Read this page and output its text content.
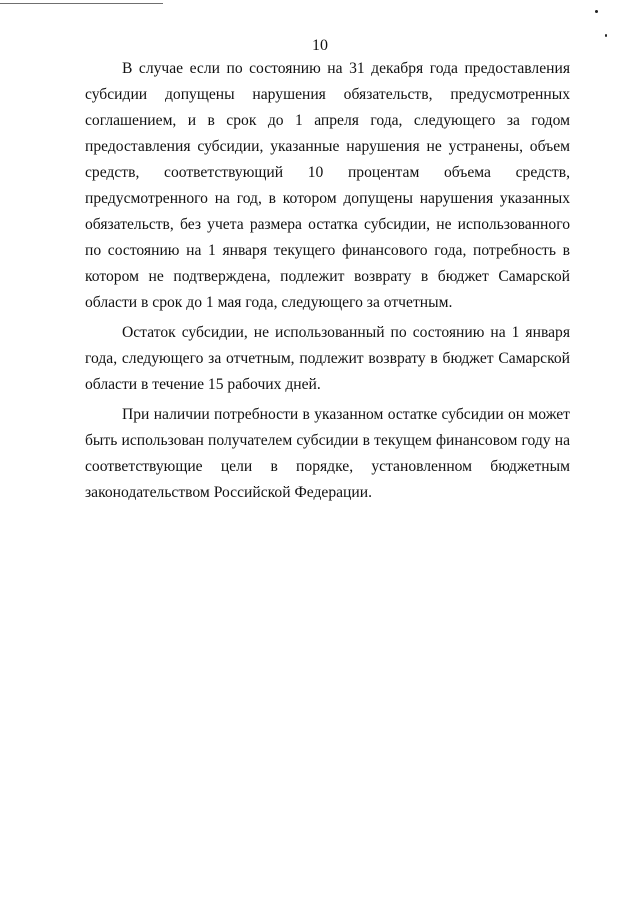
10

В случае если по состоянию на 31 декабря года предоставления субсидии допущены нарушения обязательств, предусмотренных соглашением, и в срок до 1 апреля года, следующего за годом предоставления субсидии, указанные нарушения не устранены, объем средств, соответствующий 10 процентам объема средств, предусмотренного на год, в котором допущены нарушения указанных обязательств, без учета размера остатка субсидии, не использованного по состоянию на 1 января текущего финансового года, потребность в котором не подтверждена, подлежит возврату в бюджет Самарской области в срок до 1 мая года, следующего за отчетным.

Остаток субсидии, не использованный по состоянию на 1 января года, следующего за отчетным, подлежит возврату в бюджет Самарской области в течение 15 рабочих дней.

При наличии потребности в указанном остатке субсидии он может быть использован получателем субсидии в текущем финансовом году на соответствующие цели в порядке, установленном бюджетным законодательством Российской Федерации.
